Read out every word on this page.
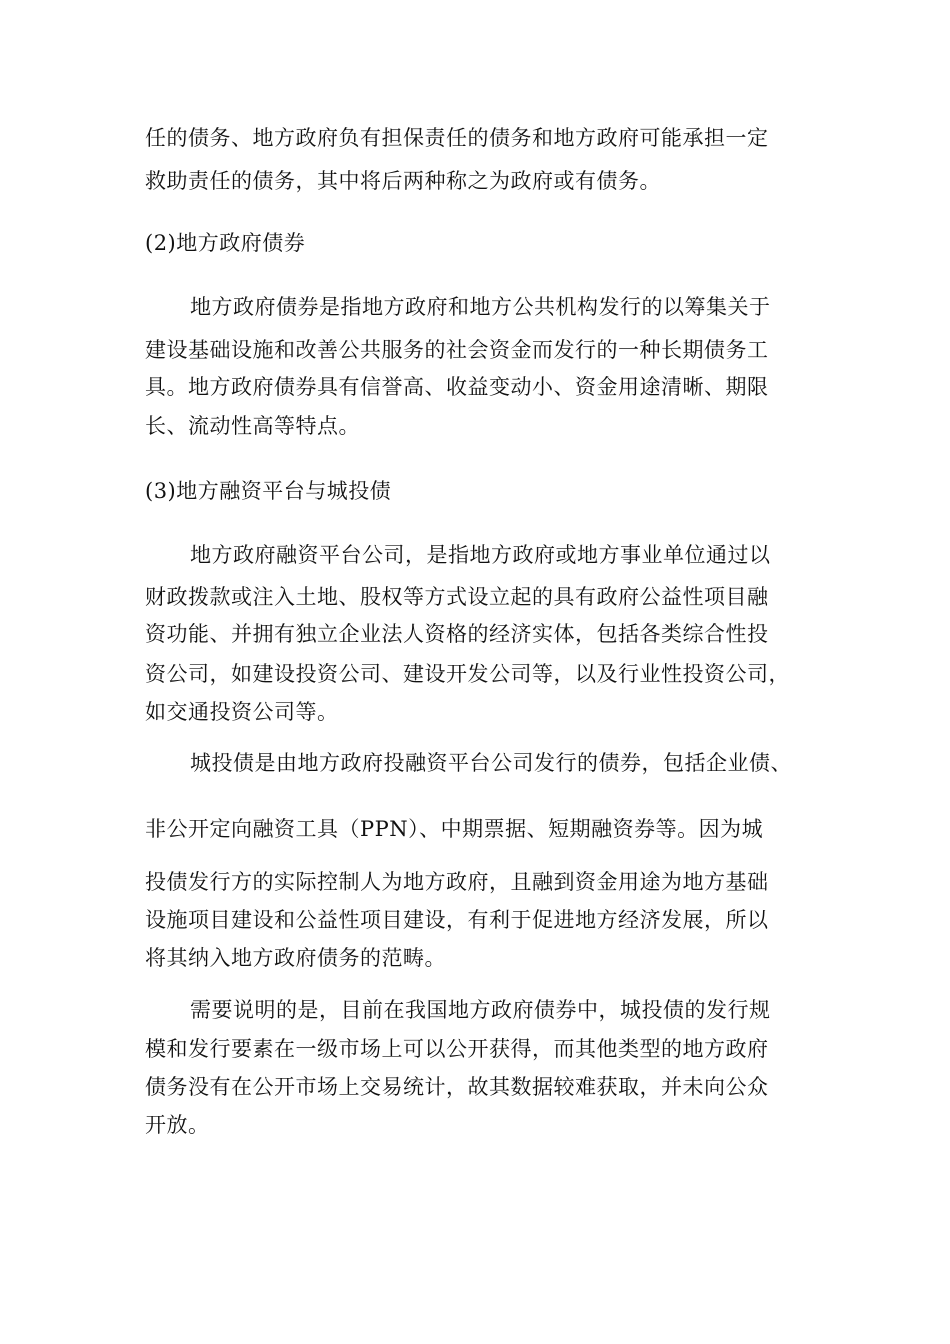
任的债务、地方政府负有担保责任的债务和地方政府可能承担一定
救助责任的债务，其中将后两种称之为政府或有债务。
(2)地方政府债券
地方政府债券是指地方政府和地方公共机构发行的以筹集关于
建设基础设施和改善公共服务的社会资金而发行的一种长期债务工
具。地方政府债券具有信誉高、收益变动小、资金用途清晰、期限
长、流动性高等特点。
(3)地方融资平台与城投债
地方政府融资平台公司，是指地方政府或地方事业单位通过以
财政拨款或注入土地、股权等方式设立起的具有政府公益性项目融
资功能、并拥有独立企业法人资格的经济实体，包括各类综合性投
资公司，如建设投资公司、建设开发公司等，以及行业性投资公司，
如交通投资公司等。
城投债是由地方政府投融资平台公司发行的债券，包括企业债、
非公开定向融资工具（PPN）、中期票据、短期融资券等。因为城
投债发行方的实际控制人为地方政府，且融到资金用途为地方基础
设施项目建设和公益性项目建设，有利于促进地方经济发展，所以
将其纳入地方政府债务的范畴。
需要说明的是，目前在我国地方政府债券中，城投债的发行规
模和发行要素在一级市场上可以公开获得，而其他类型的地方政府
债务没有在公开市场上交易统计，故其数据较难获取，并未向公众
开放。
